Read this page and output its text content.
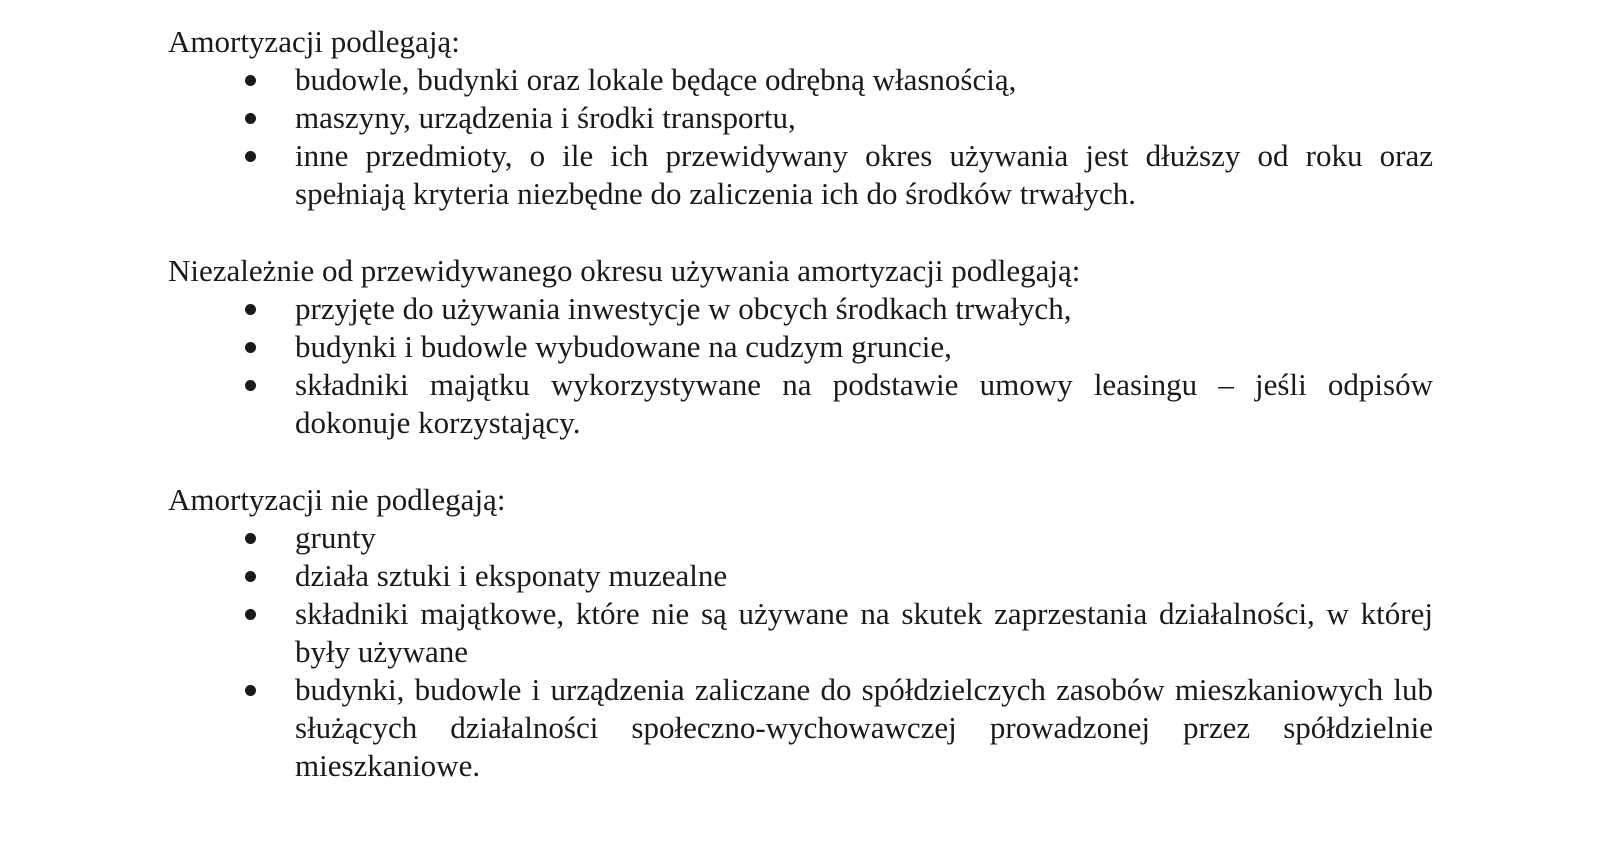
Amortyzacji podlegają:

budowle, budynki oraz lokale będące odrębną własnością,
maszyny, urządzenia i środki transportu,
inne przedmioty, o ile ich przewidywany okres używania jest dłuższy od roku oraz spełniają kryteria niezbędne do zaliczenia ich do środków trwałych.

Niezależnie od przewidywanego okresu używania amortyzacji podlegają:

przyjęte do używania inwestycje w obcych środkach trwałych,
budynki i budowle wybudowane na cudzym gruncie,
składniki majątku wykorzystywane na podstawie umowy leasingu – jeśli odpisów dokonuje korzystający.

Amortyzacji nie podlegają:

grunty
działa sztuki i eksponaty muzealne
składniki majątkowe, które nie są używane na skutek zaprzestania działalności, w której były używane
budynki, budowle i urządzenia zaliczane do spółdzielczych zasobów mieszkaniowych lub służących działalności społeczno-wychowawczej prowadzonej przez spółdzielnie mieszkaniowe.
